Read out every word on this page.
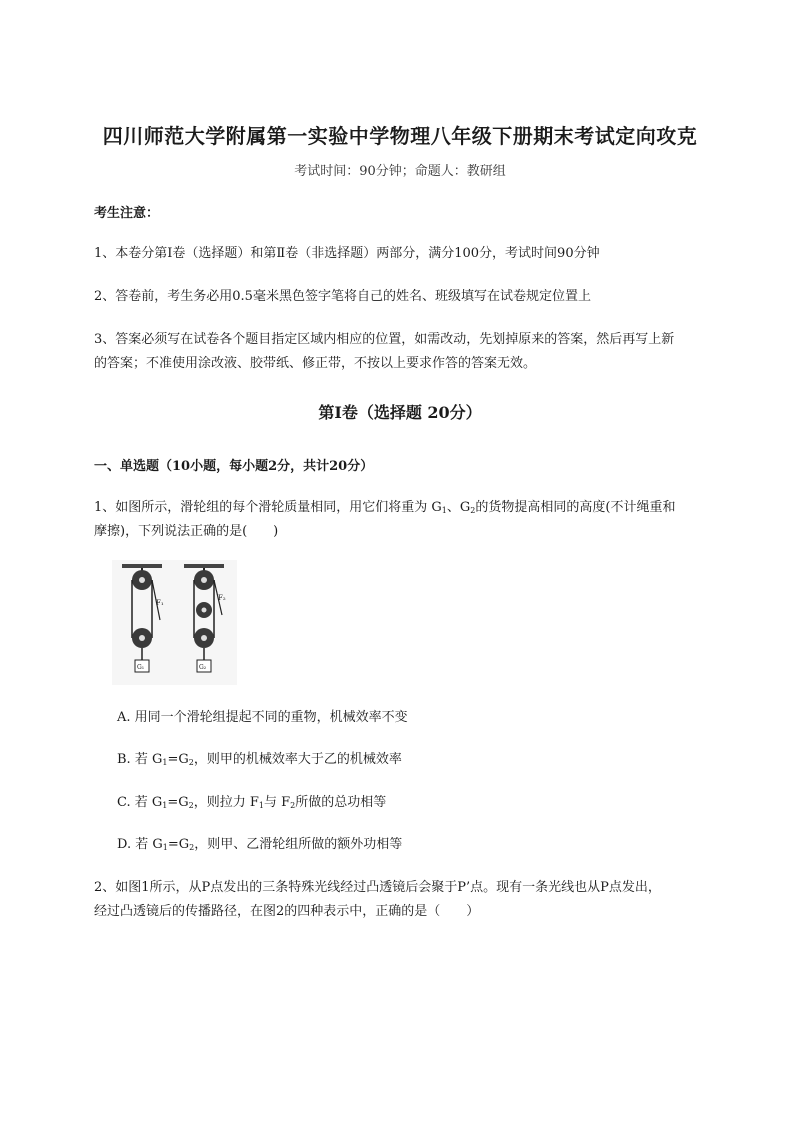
四川师范大学附属第一实验中学物理八年级下册期末考试定向攻克
考试时间：90分钟；命题人：教研组
考生注意：
1、本卷分第I卷（选择题）和第Ⅱ卷（非选择题）两部分，满分100分，考试时间90分钟
2、答卷前，考生务必用0.5毫米黑色签字笔将自己的姓名、班级填写在试卷规定位置上
3、答案必须写在试卷各个题目指定区域内相应的位置，如需改动，先划掉原来的答案，然后再写上新
的答案；不准使用涂改液、胶带纸、修正带，不按以上要求作答的答案无效。
第I卷（选择题 20分）
一、单选题（10小题，每小题2分，共计20分）
1、如图所示，滑轮组的每个滑轮质量相同，用它们将重为 $G_1$、$G_2$的货物提高相同的高度(不计绳重和
摩擦)，下列说法正确的是(　　)
F₁
G₁
F₂
G₂
A. 用同一个滑轮组提起不同的重物，机械效率不变
B. 若 $G_1=G_2$，则甲的机械效率大于乙的机械效率
C. 若 $G_1=G_2$，则拉力 $F_1$与 $F_2$所做的总功相等
D. 若 $G_1=G_2$，则甲、乙滑轮组所做的额外功相等
2、如图1所示，从P点发出的三条特殊光线经过凸透镜后会聚于P’点。现有一条光线也从P点发出，
经过凸透镜后的传播路径，在图2的四种表示中，正确的是（　　）
